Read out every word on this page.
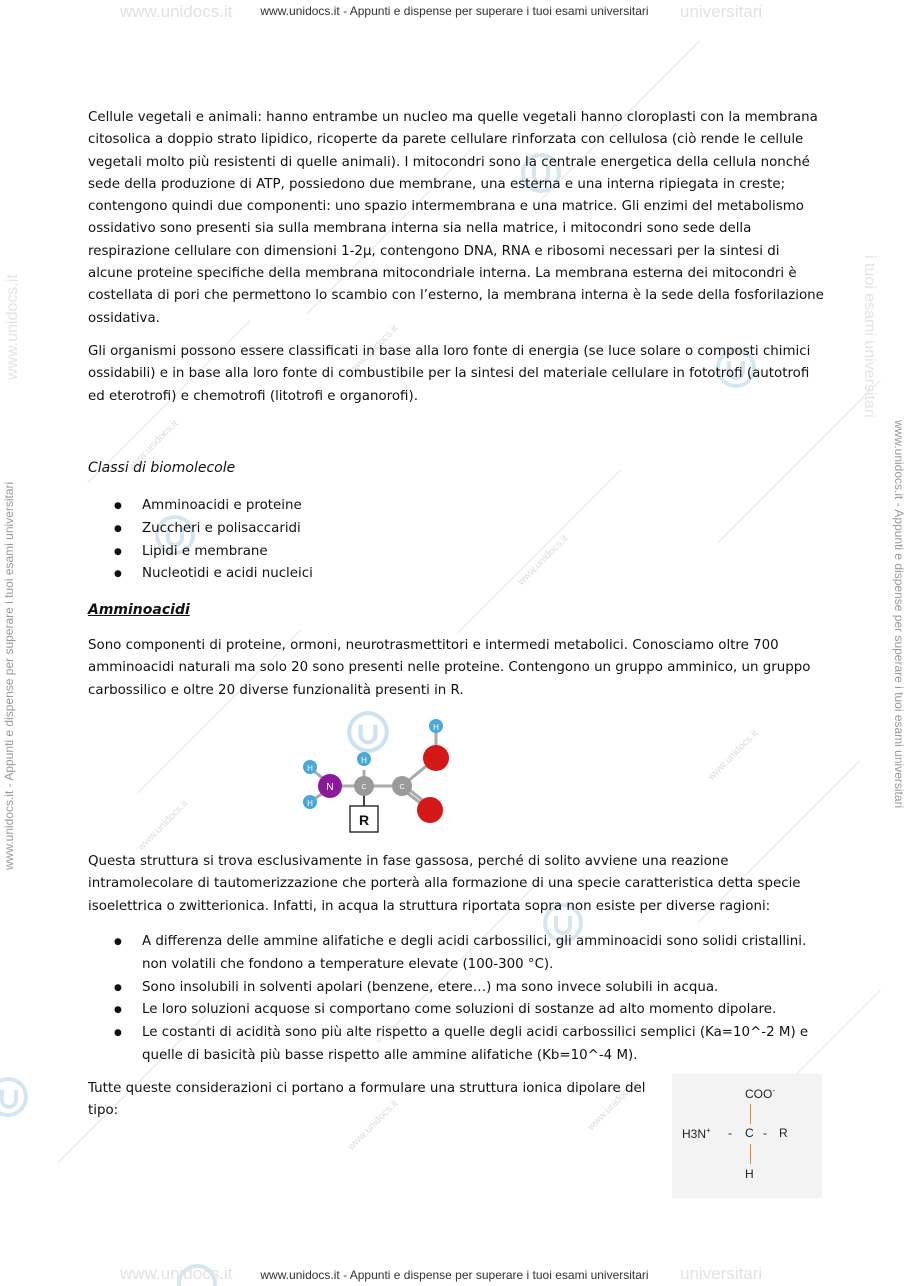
www.unidocs.it
www.unidocs.it
www.unidocs.it
www.unidocs.it
www.unidocs.it
www.unidocs.it	www.unidocs.it
www.unidocs.it	universitari
www.unidocs.it - Appunti e dispense per superare i tuoi esami universitari
www.unidocs.it	universitari
www.unidocs.it - Appunti e dispense per superare i tuoi esami universitari
www.unidocs.it
www.unidocs.it - Appunti e dispense per superare i tuoi esami universitari
i tuoi esami universitari
www.unidocs.it - Appunti e dispense per superare i tuoi esami universitari

Cellule vegetali e animali: hanno entrambe un nucleo ma quelle vegetali hanno cloroplasti con la membrana citosolica a doppio strato lipidico, ricoperte da parete cellulare rinforzata con cellulosa (ciò rende le cellule vegetali molto più resistenti di quelle animali). I mitocondri sono la centrale energetica della cellula nonché sede della produzione di ATP, possiedono due membrane, una esterna e una interna ripiegata in creste; contengono quindi due componenti: uno spazio intermembrana e una matrice. Gli enzimi del metabolismo ossidativo sono presenti sia sulla membrana interna sia nella matrice, i mitocondri sono sede della respirazione cellulare con dimensioni 1-2µ, contengono DNA, RNA e ribosomi necessari per la sintesi di alcune proteine specifiche della membrana mitocondriale interna. La membrana esterna dei mitocondri è costellata di pori che permettono lo scambio con l’esterno, la membrana interna è la sede della fosforilazione ossidativa.

Gli organismi possono essere classificati in base alla loro fonte di energia (se luce solare o composti chimici ossidabili) e in base alla loro fonte di combustibile per la sintesi del materiale cellulare in fototrofi (autotrofi ed eterotrofi) e chemotrofi (litotrofi e organorofi).

Classi di biomolecole

● Amminoacidi e proteine
● Zuccheri e polisaccaridi
● Lipidi e membrane
● Nucleotidi e acidi nucleici

Amminoacidi

Sono componenti di proteine, ormoni, neurotrasmettitori e intermedi metabolici. Conosciamo oltre 700 amminoacidi naturali ma solo 20 sono presenti nelle proteine. Contengono un gruppo amminico, un gruppo carbossilico e oltre 20 diverse funzionalità presenti in R.

H
H
H
H
N	C	C
R

Questa struttura si trova esclusivamente in fase gassosa, perché di solito avviene una reazione intramolecolare di tautomerizzazione che porterà alla formazione di una specie caratteristica detta specie isoelettrica o zwitterionica. Infatti, in acqua la struttura riportata sopra non esiste per diverse ragioni:

● A differenza delle ammine alifatiche e degli acidi carbossilici, gli amminoacidi sono solidi cristallini. non volatili che fondono a temperature elevate (100-300 °C).
● Sono insolubili in solventi apolari (benzene, etere…) ma sono invece solubili in acqua.
● Le loro soluzioni acquose si comportano come soluzioni di sostanze ad alto momento dipolare.
● Le costanti di acidità sono più alte rispetto a quelle degli acidi carbossilici semplici (Ka=10^-2 M) e quelle di basicità più basse rispetto alle ammine alifatiche (Kb=10^-4 M).

Tutte queste considerazioni ci portano a formulare una struttura ionica dipolare del tipo:

COO-
H3N+ - C - R
H
